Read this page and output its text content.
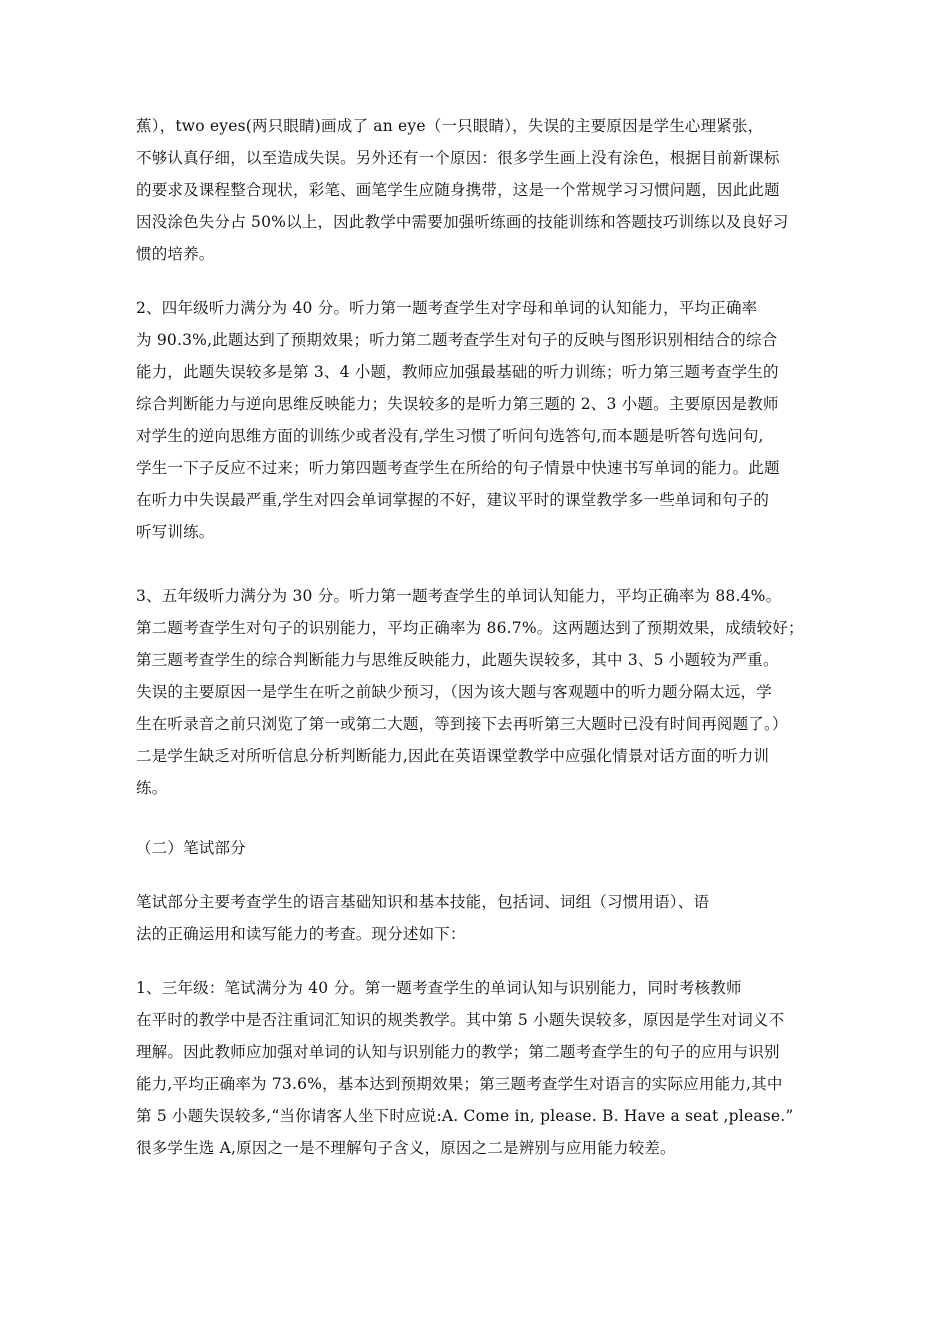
蕉），two eyes(两只眼睛)画成了 an eye（一只眼睛），失误的主要原因是学生心理紧张，
不够认真仔细，以至造成失误。另外还有一个原因：很多学生画上没有涂色，根据目前新课标
的要求及课程整合现状，彩笔、画笔学生应随身携带，这是一个常规学习习惯问题，因此此题
因没涂色失分占 50%以上，因此教学中需要加强听练画的技能训练和答题技巧训练以及良好习
惯的培养。

2、四年级听力满分为 40 分。听力第一题考查学生对字母和单词的认知能力，平均正确率
为 90.3%,此题达到了预期效果；听力第二题考查学生对句子的反映与图形识别相结合的综合
能力，此题失误较多是第 3、4 小题，教师应加强最基础的听力训练；听力第三题考查学生的
综合判断能力与逆向思维反映能力；失误较多的是听力第三题的 2、3 小题。主要原因是教师
对学生的逆向思维方面的训练少或者没有,学生习惯了听问句选答句,而本题是听答句选问句,
学生一下子反应不过来；听力第四题考查学生在所给的句子情景中快速书写单词的能力。此题
在听力中失误最严重,学生对四会单词掌握的不好，建议平时的课堂教学多一些单词和句子的
听写训练。

3、五年级听力满分为 30 分。听力第一题考查学生的单词认知能力，平均正确率为 88.4%。
第二题考查学生对句子的识别能力，平均正确率为 86.7%。这两题达到了预期效果，成绩较好；
第三题考查学生的综合判断能力与思维反映能力，此题失误较多，其中 3、5 小题较为严重。
失误的主要原因一是学生在听之前缺少预习，（因为该大题与客观题中的听力题分隔太远，学
生在听录音之前只浏览了第一或第二大题，等到接下去再听第三大题时已没有时间再阅题了。）
二是学生缺乏对所听信息分析判断能力,因此在英语课堂教学中应强化情景对话方面的听力训
练。

（二）笔试部分

笔试部分主要考查学生的语言基础知识和基本技能，包括词、词组（习惯用语）、语
法的正确运用和读写能力的考查。现分述如下：

1、三年级：笔试满分为 40 分。第一题考查学生的单词认知与识别能力，同时考核教师
在平时的教学中是否注重词汇知识的规类教学。其中第 5 小题失误较多，原因是学生对词义不
理解。因此教师应加强对单词的认知与识别能力的教学；第二题考查学生的句子的应用与识别
能力,平均正确率为 73.6%，基本达到预期效果；第三题考查学生对语言的实际应用能力,其中
第 5 小题失误较多,“当你请客人坐下时应说:A. Come in, please. B. Have a seat ,please.”
很多学生选 A,原因之一是不理解句子含义，原因之二是辨别与应用能力较差。
